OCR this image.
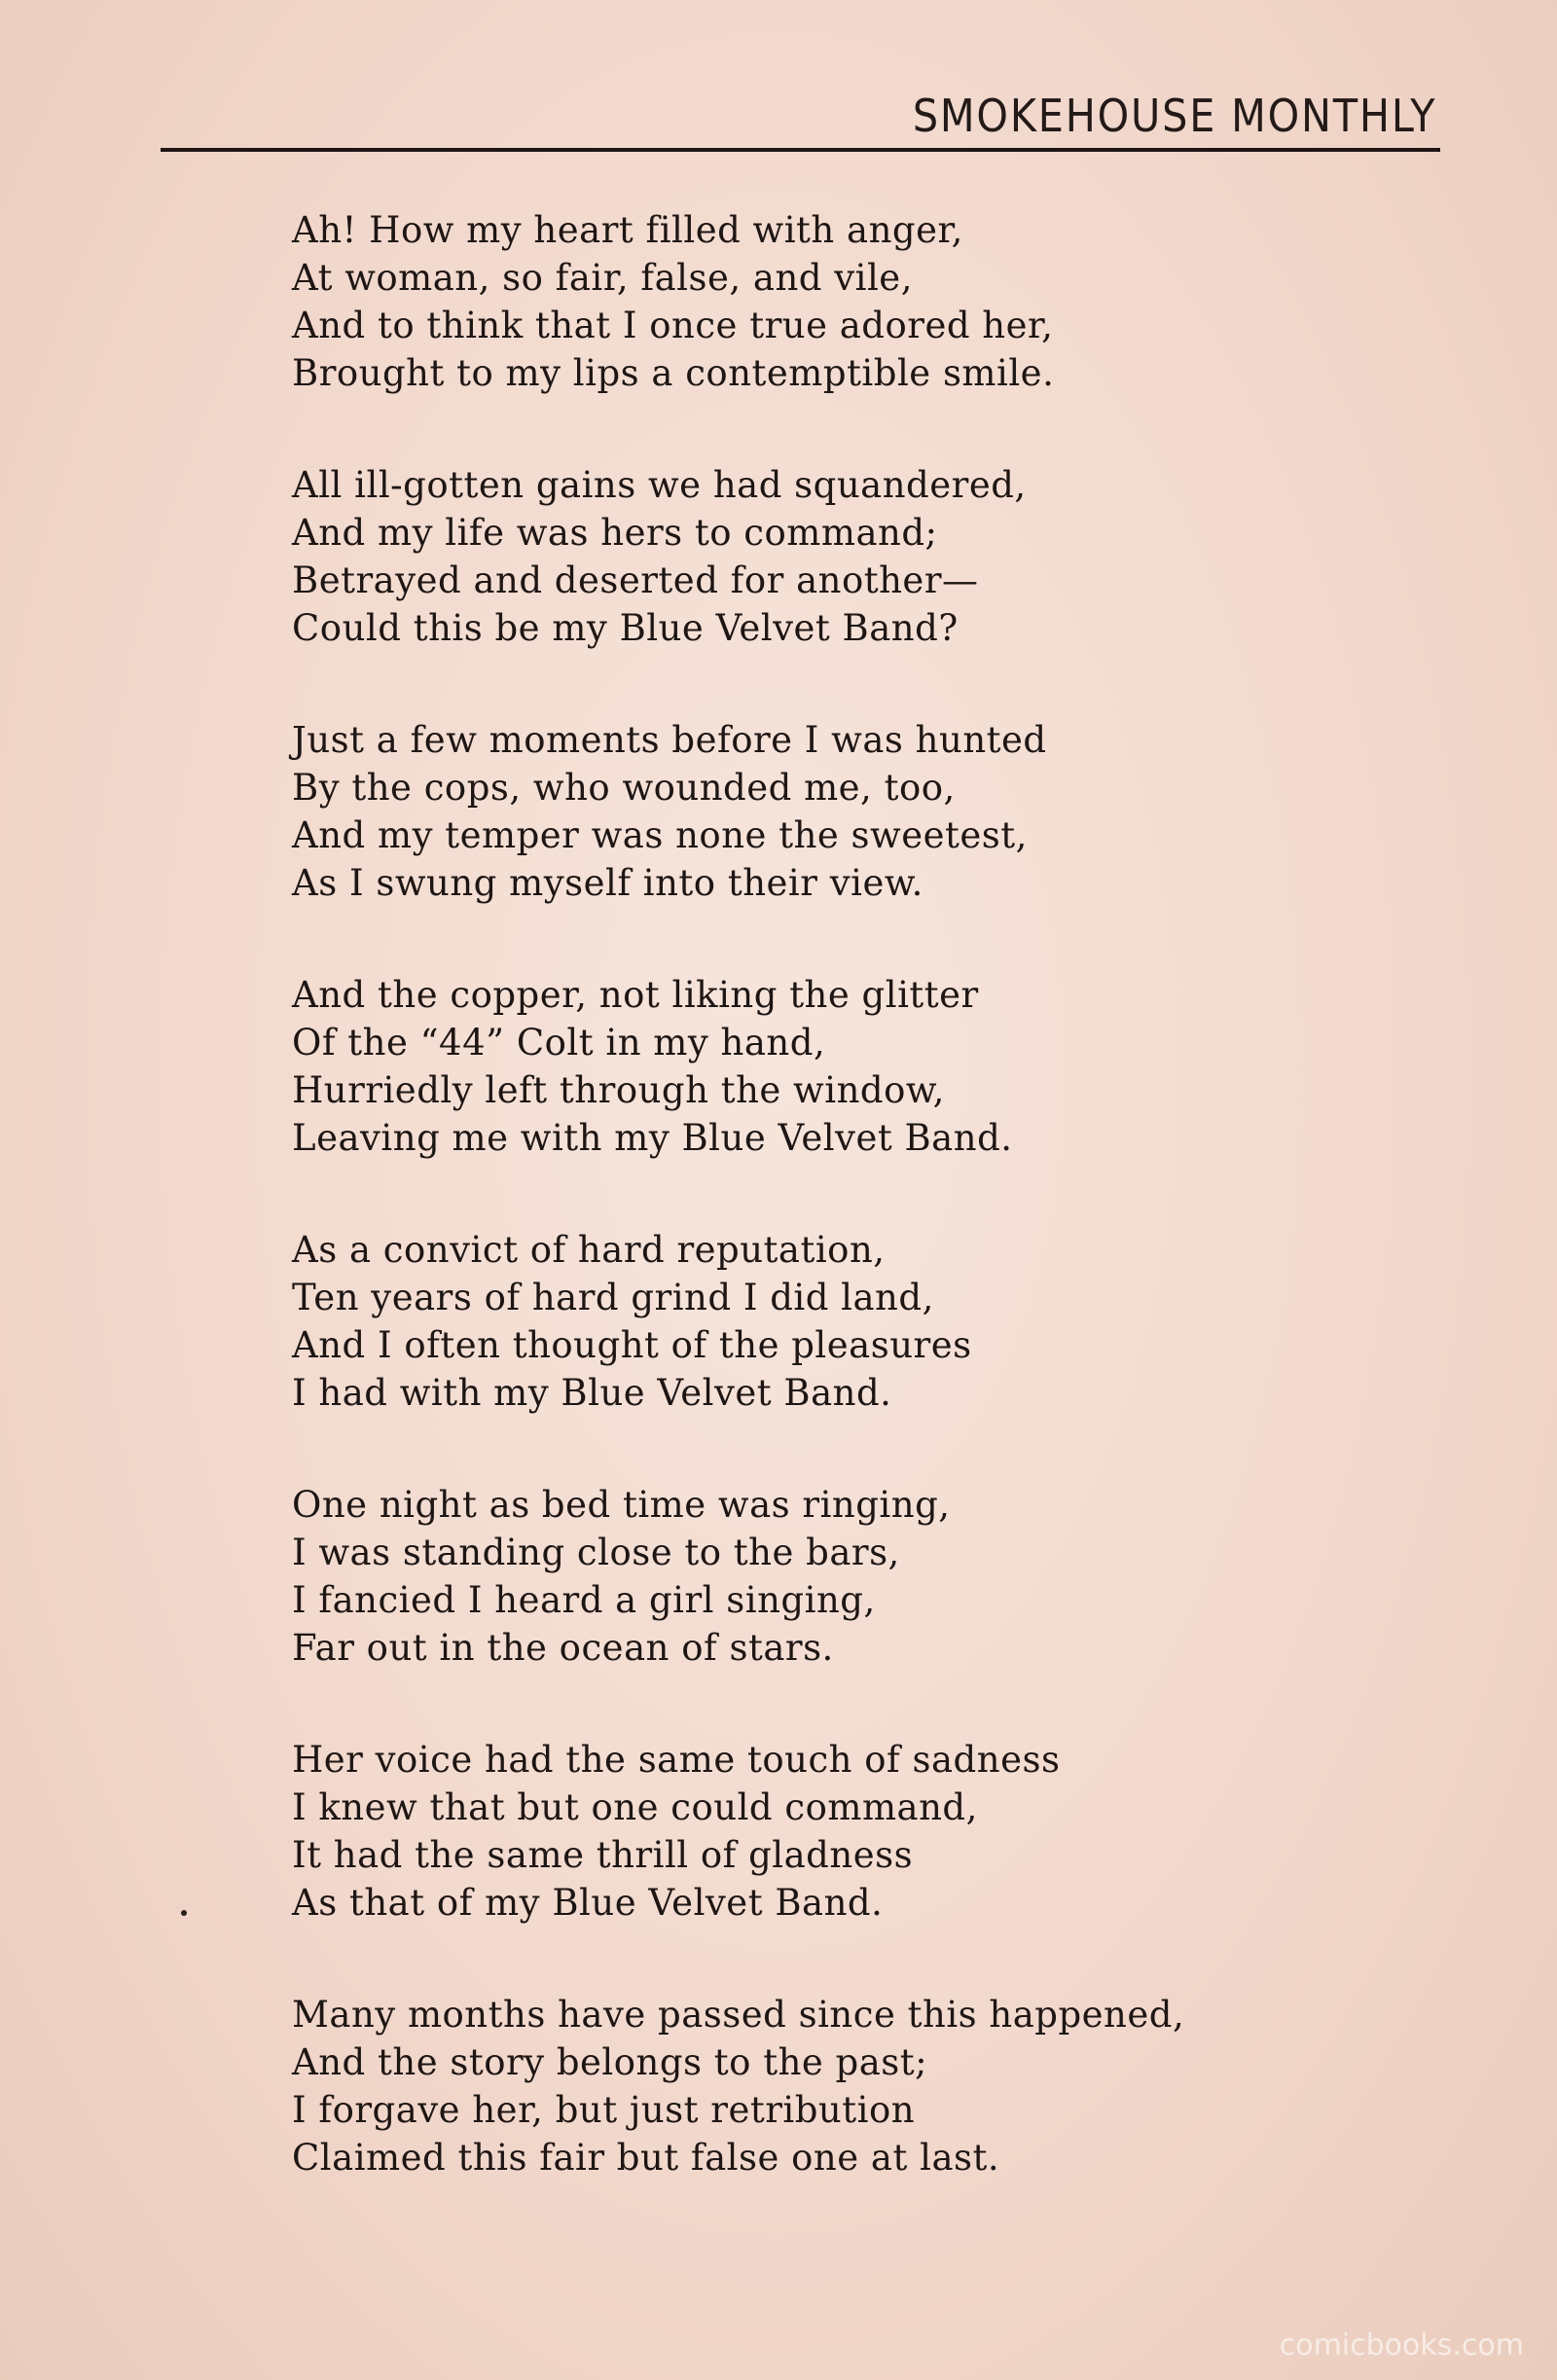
SMOKEHOUSE MONTHLY
Ah! How my heart filled with anger,
At woman, so fair, false, and vile,
And to think that I once true adored her,
Brought to my lips a contemptible smile.
All ill-gotten gains we had squandered,
And my life was hers to command;
Betrayed and deserted for another—
Could this be my Blue Velvet Band?
Just a few moments before I was hunted
By the cops, who wounded me, too,
And my temper was none the sweetest,
As I swung myself into their view.
And the copper, not liking the glitter
Of the “44” Colt in my hand,
Hurriedly left through the window,
Leaving me with my Blue Velvet Band.
As a convict of hard reputation,
Ten years of hard grind I did land,
And I often thought of the pleasures
I had with my Blue Velvet Band.
One night as bed time was ringing,
I was standing close to the bars,
I fancied I heard a girl singing,
Far out in the ocean of stars.
Her voice had the same touch of sadness
I knew that but one could command,
It had the same thrill of gladness
As that of my Blue Velvet Band.
Many months have passed since this happened,
And the story belongs to the past;
I forgave her, but just retribution
Claimed this fair but false one at last.
comicbooks.com
